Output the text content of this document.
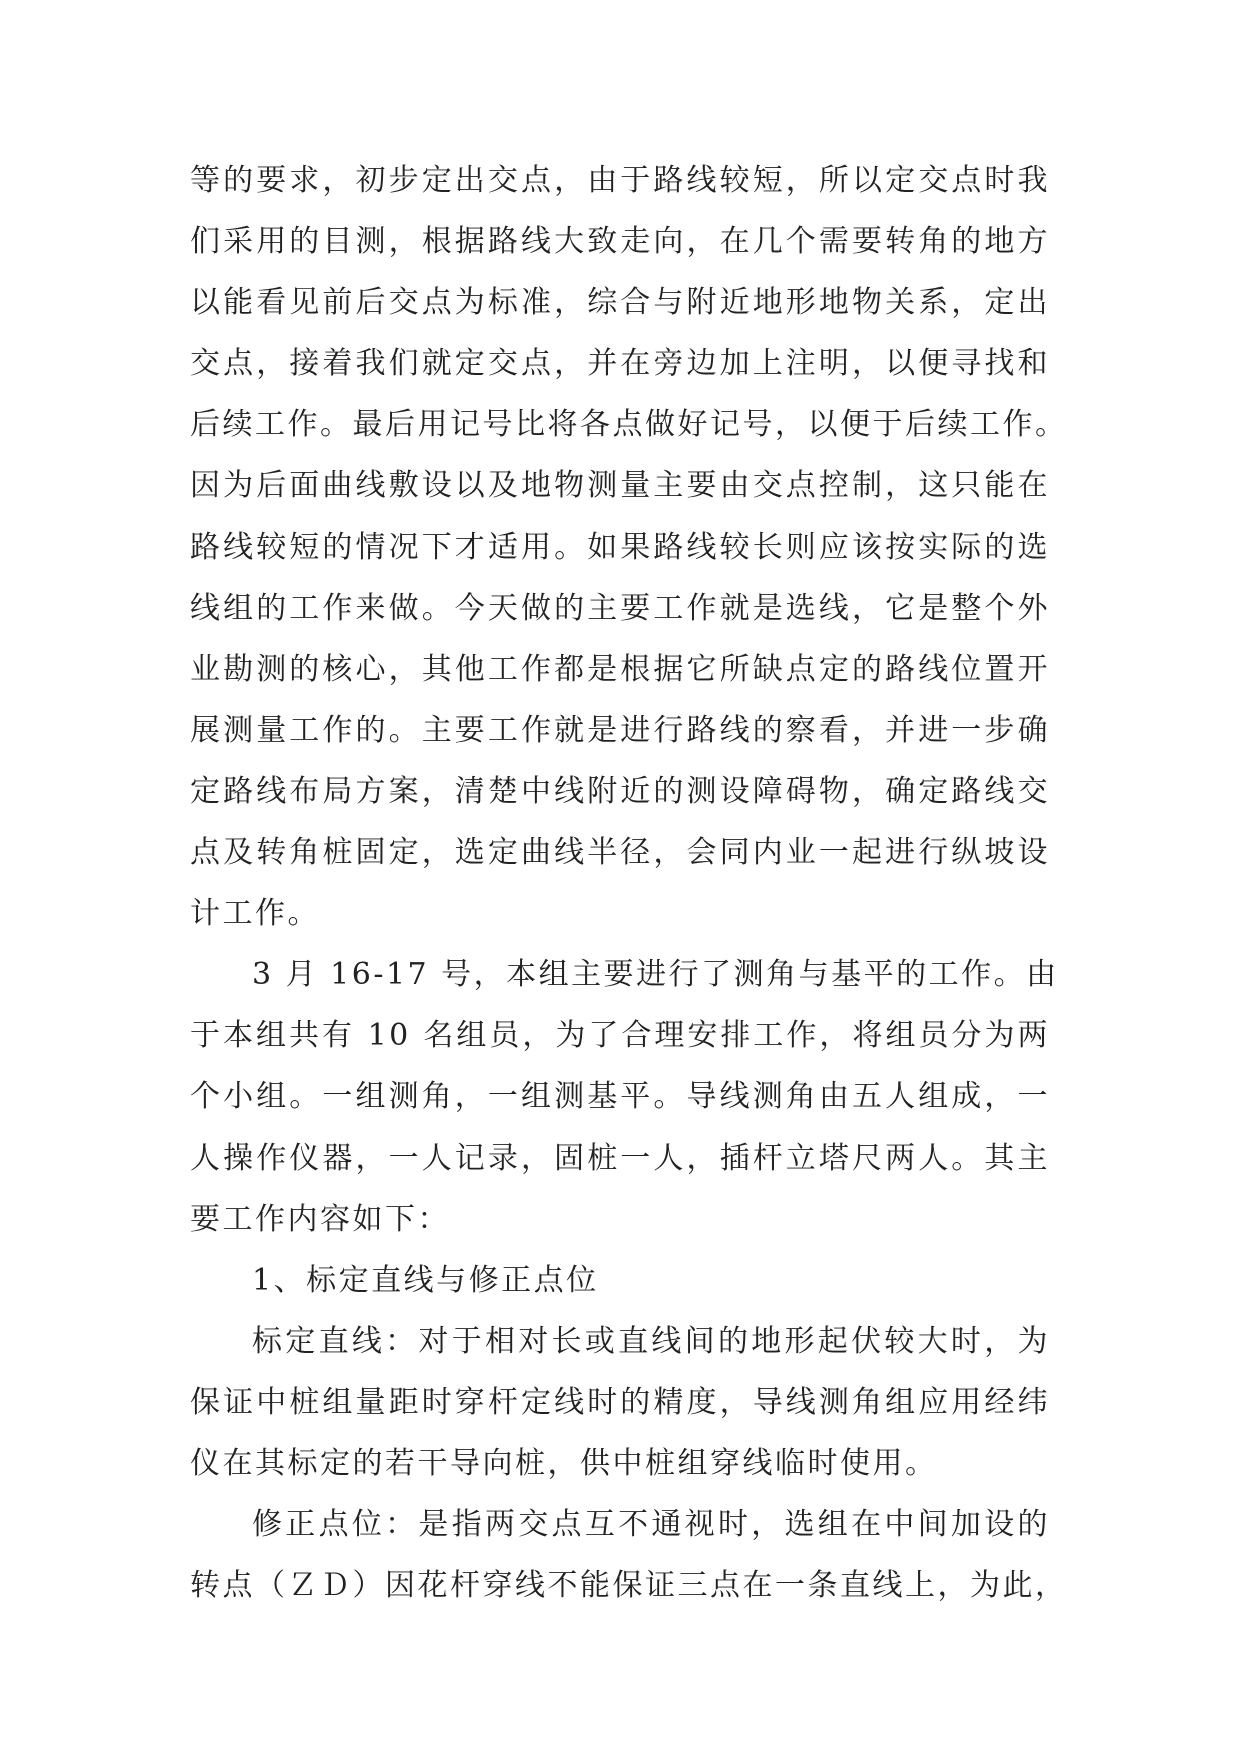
等的要求，初步定出交点，由于路线较短，所以定交点时我
们采用的目测，根据路线大致走向，在几个需要转角的地方
以能看见前后交点为标准，综合与附近地形地物关系，定出
交点，接着我们就定交点，并在旁边加上注明，以便寻找和
后续工作。最后用记号比将各点做好记号，以便于后续工作。
因为后面曲线敷设以及地物测量主要由交点控制，这只能在
路线较短的情况下才适用。如果路线较长则应该按实际的选
线组的工作来做。今天做的主要工作就是选线，它是整个外
业勘测的核心，其他工作都是根据它所缺点定的路线位置开
展测量工作的。主要工作就是进行路线的察看，并进一步确
定路线布局方案，清楚中线附近的测设障碍物，确定路线交
点及转角桩固定，选定曲线半径，会同内业一起进行纵坡设
计工作。
3 月 16-17 号，本组主要进行了测角与基平的工作。由
于本组共有 10 名组员，为了合理安排工作，将组员分为两
个小组。一组测角，一组测基平。导线测角由五人组成，一
人操作仪器，一人记录，固桩一人，插杆立塔尺两人。其主
要工作内容如下：
1、标定直线与修正点位
标定直线：对于相对长或直线间的地形起伏较大时，为
保证中桩组量距时穿杆定线时的精度，导线测角组应用经纬
仪在其标定的若干导向桩，供中桩组穿线临时使用。
修正点位：是指两交点互不通视时，选组在中间加设的
转点（ＺＤ）因花杆穿线不能保证三点在一条直线上，为此，
